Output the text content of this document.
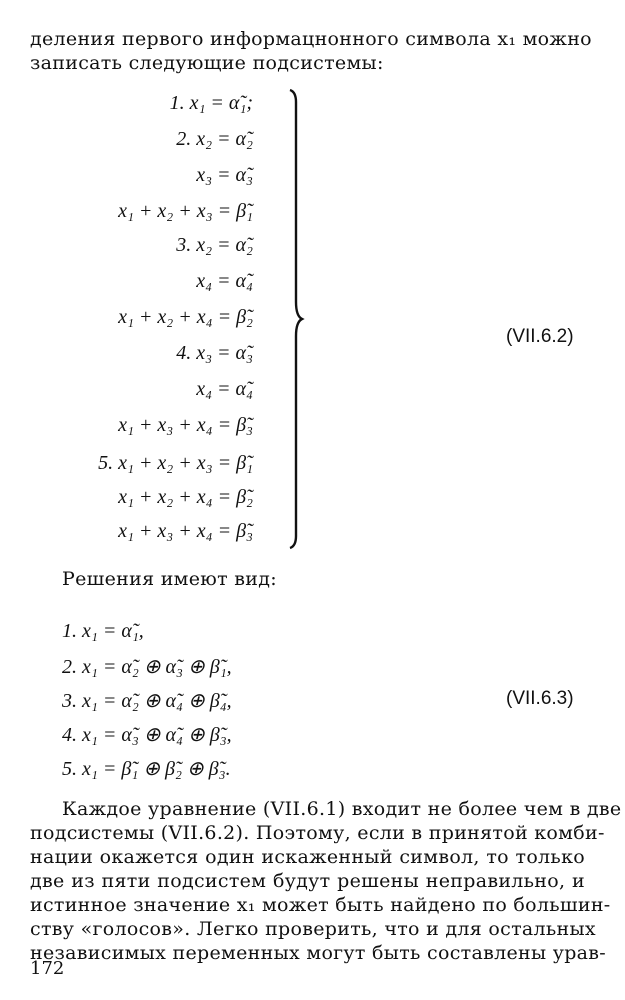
деления первого информацнонного символа x₁ можно
записать следующие подсистемы:
1. x₁ = α̃₁;
2. x₂ = α̃₂
x₃ = α̃₃
x₁ + x₂ + x₃ = β̃₁
3. x₂ = α̃₂
x₄ = α̃₄
x₁ + x₂ + x₄ = β̃₂
4. x₃ = α̃₃
x₄ = α̃₄
x₁ + x₃ + x₄ = β̃₃
5. x₁ + x₂ + x₃ = β̃₁
x₁ + x₂ + x₄ = β̃₂
x₁ + x₃ + x₄ = β̃₃
(VII.6.2)
Решения имеют вид:
1. x₁ = α̃₁,
2. x₁ = α̃₂ ⊕ α̃₃ ⊕ β̃₁,
3. x₁ = α̃₂ ⊕ α̃₄ ⊕ β̃₄,
4. x₁ = α̃₃ ⊕ α̃₄ ⊕ β̃₃,
5. x₁ = β̃₁ ⊕ β̃₂ ⊕ β̃₃.
(VII.6.3)
Каждое уравнение (VII.6.1) входит не более чем в две
подсистемы (VII.6.2). Поэтому, если в принятой комби-
нации окажется один искаженный символ, то только
две из пяти подсистем будут решены неправильно, и
истинное значение x₁ может быть найдено по большин-
ству «голосов». Легко проверить, что и для остальных
независимых переменных могут быть составлены урав-
172
